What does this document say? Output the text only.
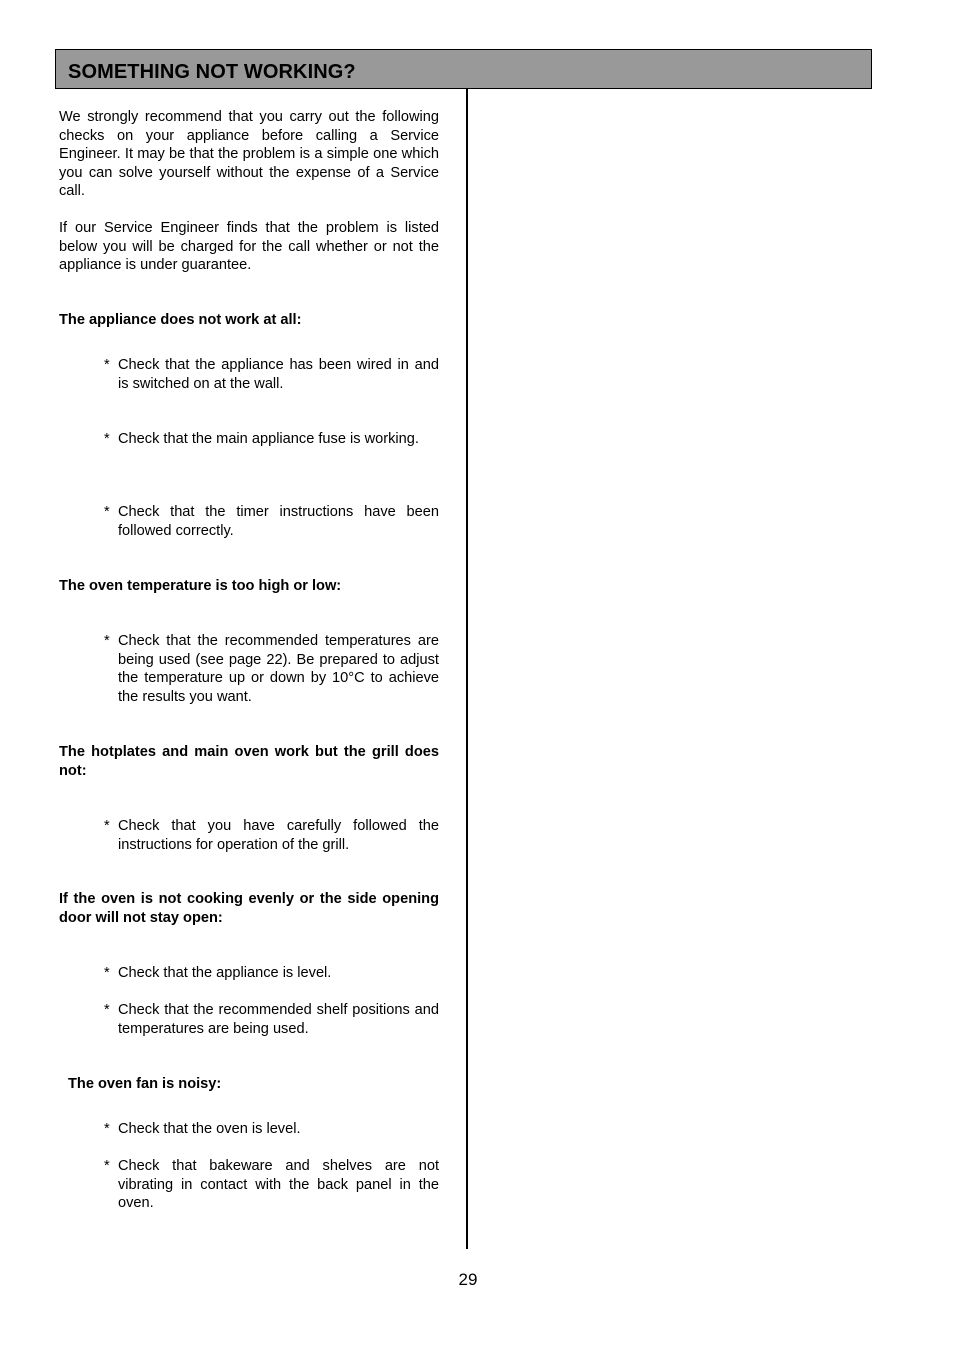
SOMETHING NOT WORKING?

We strongly recommend that you carry out the following checks on your appliance before calling a Service Engineer. It may be that the problem is a simple one which you can solve yourself without the expense of a Service call.

If our Service Engineer finds that the problem is listed below you will be charged for the call whether or not the appliance is under guarantee.

The appliance does not work at all:

* Check that the appliance has been wired in and is switched on at the wall.
* Check that the main appliance fuse is working.
* Check that the timer instructions have been followed correctly.

The oven temperature is too high or low:

* Check that the recommended temperatures are being used (see page 22). Be prepared to adjust the temperature up or down by 10°C to achieve the results you want.

The hotplates and main oven work but the grill does not:

* Check that you have carefully followed the instructions for operation of the grill.

If the oven is not cooking evenly or the side opening door will not stay open:

* Check that the appliance is level.
* Check that the recommended shelf positions and temperatures are being used.

The oven fan is noisy:

* Check that the oven is level.
* Check that bakeware and shelves are not vibrating in contact with the back panel in the oven.
29
